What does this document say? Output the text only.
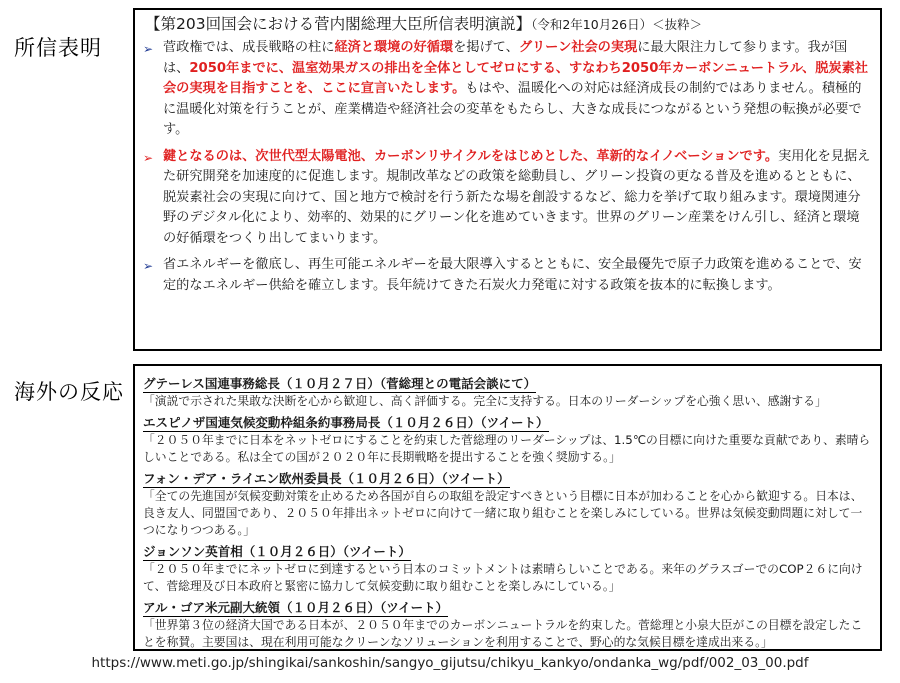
所信表明
海外の反応
【第203回国会における菅内閣総理大臣所信表明演説】（令和2年10月26日）＜抜粋＞
➢ 菅政権では、成長戦略の柱に経済と環境の好循環を掲げて、グリーン社会の実現に最大限注力して参ります。我が国は、2050年までに、温室効果ガスの排出を全体としてゼロにする、すなわち2050年カーボンニュートラル、脱炭素社会の実現を目指すことを、ここに宣言いたします。もはや、温暖化への対応は経済成長の制約ではありません。積極的に温暖化対策を行うことが、産業構造や経済社会の変革をもたらし、大きな成長につながるという発想の転換が必要です。
➢ 鍵となるのは、次世代型太陽電池、カーボンリサイクルをはじめとした、革新的なイノベーションです。実用化を見据えた研究開発を加速度的に促進します。規制改革などの政策を総動員し、グリーン投資の更なる普及を進めるとともに、脱炭素社会の実現に向けて、国と地方で検討を行う新たな場を創設するなど、総力を挙げて取り組みます。環境関連分野のデジタル化により、効率的、効果的にグリーン化を進めていきます。世界のグリーン産業をけん引し、経済と環境の好循環をつくり出してまいります。
➢ 省エネルギーを徹底し、再生可能エネルギーを最大限導入するとともに、安全最優先で原子力政策を進めることで、安定的なエネルギー供給を確立します。長年続けてきた石炭火力発電に対する政策を抜本的に転換します。
グテーレス国連事務総長（１０月２７日）（菅総理との電話会談にて）
「演説で示された果敢な決断を心から歓迎し、高く評価する。完全に支持する。日本のリーダーシップを心強く思い、感謝する」
エスピノザ国連気候変動枠組条約事務局長（１０月２６日）（ツイート）
「２０５０年までに日本をネットゼロにすることを約束した菅総理のリーダーシップは、1.5℃の目標に向けた重要な貢献であり、素晴らしいことである。私は全ての国が２０２０年に長期戦略を提出することを強く奨励する。」
フォン・デア・ライエン欧州委員長（１０月２６日）（ツイート）
「全ての先進国が気候変動対策を止めるため各国が自らの取組を設定すべきという目標に日本が加わることを心から歓迎する。日本は、良き友人、同盟国であり、２０５０年排出ネットゼロに向けて一緒に取り組むことを楽しみにしている。世界は気候変動問題に対して一つになりつつある。」
ジョンソン英首相（１０月２６日）（ツイート）
「２０５０年までにネットゼロに到達するという日本のコミットメントは素晴らしいことである。来年のグラスゴーでのCOP２６に向けて、菅総理及び日本政府と緊密に協力して気候変動に取り組むことを楽しみにしている。」
アル・ゴア米元副大統領（１０月２６日）（ツイート）
「世界第３位の経済大国である日本が、２０５０年までのカーボンニュートラルを約束した。菅総理と小泉大臣がこの目標を設定したことを称賛。主要国は、現在利用可能なクリーンなソリューションを利用することで、野心的な気候目標を達成出来る。」
https://www.meti.go.jp/shingikai/sankoshin/sangyo_gijutsu/chikyu_kankyo/ondanka_wg/pdf/002_03_00.pdf
